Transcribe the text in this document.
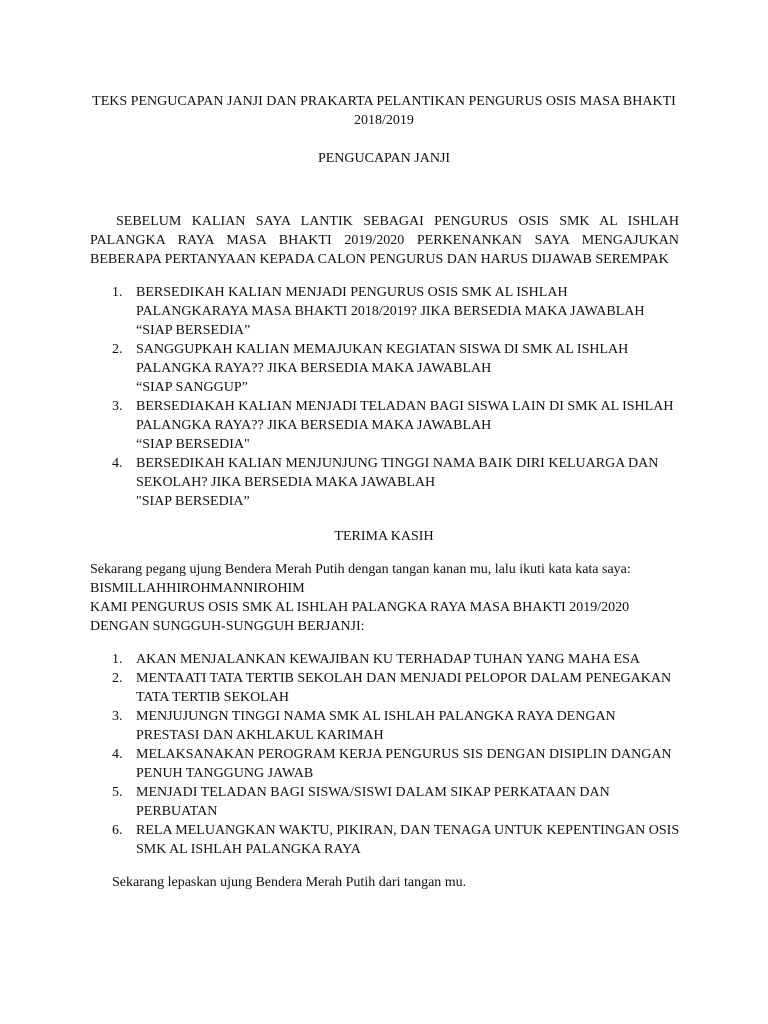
TEKS PENGUCAPAN JANJI DAN PRAKARTA PELANTIKAN PENGURUS OSIS MASA BHAKTI
2018/2019
PENGUCAPAN JANJI
SEBELUM KALIAN SAYA LANTIK SEBAGAI PENGURUS OSIS SMK AL ISHLAH
PALANGKA RAYA MASA BHAKTI 2019/2020 PERKENANKAN SAYA MENGAJUKAN
BEBERAPA PERTANYAAN KEPADA CALON PENGURUS DAN HARUS DIJAWAB SEREMPAK
1. BERSEDIKAH KALIAN MENJADI PENGURUS OSIS SMK AL ISHLAH
PALANGKARAYA MASA BHAKTI 2018/2019? JIKA BERSEDIA MAKA JAWABLAH
“SIAP BERSEDIA”
2. SANGGUPKAH KALIAN MEMAJUKAN KEGIATAN SISWA DI SMK AL ISHLAH
PALANGKA RAYA?? JIKA BERSEDIA MAKA JAWABLAH
“SIAP SANGGUP”
3. BERSEDIAKAH KALIAN MENJADI TELADAN BAGI SISWA LAIN DI SMK AL ISHLAH
PALANGKA RAYA?? JIKA BERSEDIA MAKA JAWABLAH
“SIAP BERSEDIA"
4. BERSEDIKAH KALIAN MENJUNJUNG TINGGI NAMA BAIK DIRI KELUARGA DAN
SEKOLAH? JIKA BERSEDIA MAKA JAWABLAH
"SIAP BERSEDIA”
TERIMA KASIH
Sekarang pegang ujung Bendera Merah Putih dengan tangan kanan mu, lalu ikuti kata kata saya:
BISMILLAHHIROHMANNIROHIM
KAMI PENGURUS OSIS SMK AL ISHLAH PALANGKA RAYA MASA BHAKTI 2019/2020
DENGAN SUNGGUH-SUNGGUH BERJANJI:
1. AKAN MENJALANKAN KEWAJIBAN KU TERHADAP TUHAN YANG MAHA ESA
2. MENTAATI TATA TERTIB SEKOLAH DAN MENJADI PELOPOR DALAM PENEGAKAN
TATA TERTIB SEKOLAH
3. MENJUJUNGN TINGGI NAMA SMK AL ISHLAH PALANGKA RAYA DENGAN
PRESTASI DAN AKHLAKUL KARIMAH
4. MELAKSANAKAN PEROGRAM KERJA PENGURUS SIS DENGAN DISIPLIN DANGAN
PENUH TANGGUNG JAWAB
5. MENJADI TELADAN BAGI SISWA/SISWI DALAM SIKAP PERKATAAN DAN
PERBUATAN
6. RELA MELUANGKAN WAKTU, PIKIRAN, DAN TENAGA UNTUK KEPENTINGAN OSIS
SMK AL ISHLAH PALANGKA RAYA
Sekarang lepaskan ujung Bendera Merah Putih dari tangan mu.
